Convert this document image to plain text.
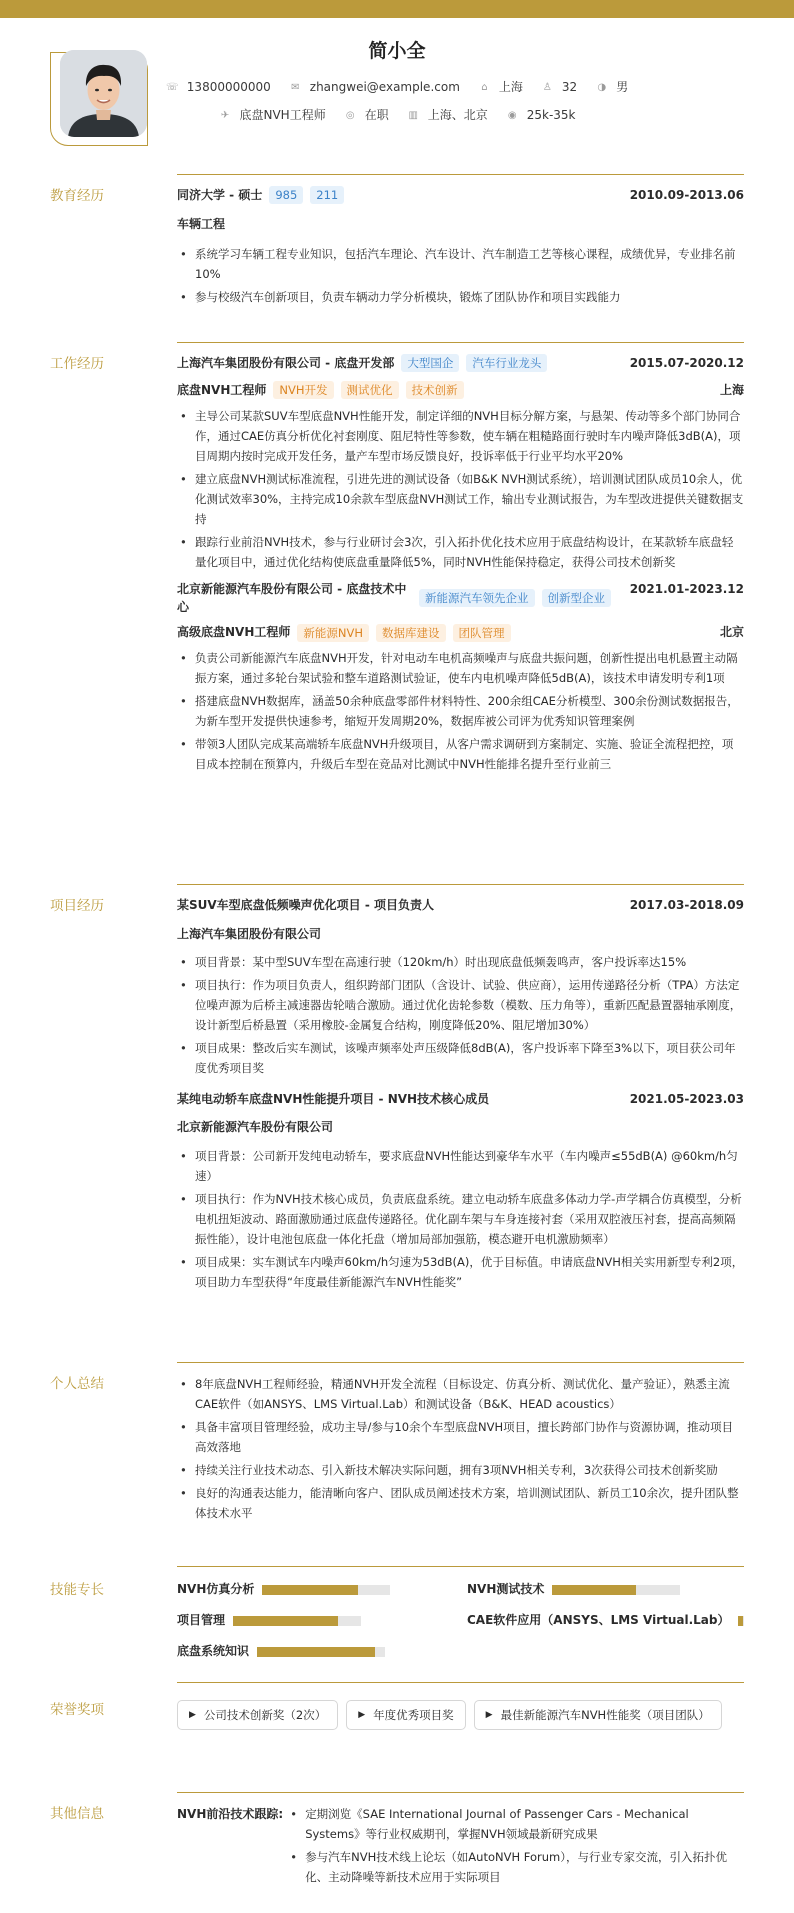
简小全
☏ 13800000000 ✉ zhangwei@example.com	⌂ 上海 ♙ 32 ◑ 男
✈ 底盘NVH工程师 ◎ 在职 ▥ 上海、北京 ◉ 25k-35k
教育经历	同济大学 - 硕士	985	211	2010.09-2013.06
车辆工程
• 系统学习车辆工程专业知识，包括汽车理论、汽车设计、汽车制造工艺等核心课程，成绩优异，专业排名前10%
• 参与校级汽车创新项目，负责车辆动力学分析模块，锻炼了团队协作和项目实践能力
工作经历	上海汽车集团股份有限公司 - 底盘开发部	大型国企	汽车行业龙头	2015.07-2020.12
底盘NVH工程师	NVH开发	测试优化	技术创新	上海
• 主导公司某款SUV车型底盘NVH性能开发，制定详细的NVH目标分解方案，与悬架、传动等多个部门协同合作，通过CAE仿真分析优化衬套刚度、阻尼特性等参数，使车辆在粗糙路面行驶时车内噪声降低3dB(A)，项目周期内按时完成开发任务，量产车型市场反馈良好，投诉率低于行业平均水平20%
• 建立底盘NVH测试标准流程，引进先进的测试设备（如B&K NVH测试系统），培训测试团队成员10余人，优化测试效率30%，主持完成10余款车型底盘NVH测试工作，输出专业测试报告，为车型改进提供关键数据支持
• 跟踪行业前沿NVH技术，参与行业研讨会3次，引入拓扑优化技术应用于底盘结构设计，在某款轿车底盘轻量化项目中，通过优化结构使底盘重量降低5%，同时NVH性能保持稳定，获得公司技术创新奖
北京新能源汽车股份有限公司 - 底盘技术中心
新能源汽车领先企业	创新型企业
2021.01-2023.12
高级底盘NVH工程师	新能源NVH	数据库建设	团队管理	北京
• 负责公司新能源汽车底盘NVH开发，针对电动车电机高频噪声与底盘共振问题，创新性提出电机悬置主动隔振方案，通过多轮台架试验和整车道路测试验证，使车内电机噪声降低5dB(A)，该技术申请发明专利1项
• 搭建底盘NVH数据库，涵盖50余种底盘零部件材料特性、200余组CAE分析模型、300余份测试数据报告，为新车型开发提供快速参考，缩短开发周期20%，数据库被公司评为优秀知识管理案例
• 带领3人团队完成某高端轿车底盘NVH升级项目，从客户需求调研到方案制定、实施、验证全流程把控，项目成本控制在预算内，升级后车型在竞品对比测试中NVH性能排名提升至行业前三
项目经历	某SUV车型底盘低频噪声优化项目 - 项目负责人	2017.03-2018.09
上海汽车集团股份有限公司
• 项目背景：某中型SUV车型在高速行驶（120km/h）时出现底盘低频轰鸣声，客户投诉率达15%
• 项目执行：作为项目负责人，组织跨部门团队（含设计、试验、供应商），运用传递路径分析（TPA）方法定位噪声源为后桥主减速器齿轮啮合激励。通过优化齿轮参数（模数、压力角等），重新匹配悬置器轴承刚度，设计新型后桥悬置（采用橡胶-金属复合结构，刚度降低20%、阻尼增加30%）
• 项目成果：整改后实车测试，该噪声频率处声压级降低8dB(A)，客户投诉率下降至3%以下，项目获公司年度优秀项目奖
某纯电动轿车底盘NVH性能提升项目 - NVH技术核心成员	2021.05-2023.03
北京新能源汽车股份有限公司
• 项目背景：公司新开发纯电动轿车，要求底盘NVH性能达到豪华车水平（车内噪声≤55dB(A) @60km/h匀速）
• 项目执行：作为NVH技术核心成员，负责底盘系统。建立电动轿车底盘多体动力学-声学耦合仿真模型，分析电机扭矩波动、路面激励通过底盘传递路径。优化副车架与车身连接衬套（采用双腔液压衬套，提高高频隔振性能），设计电池包底盘一体化托盘（增加局部加强筋，模态避开电机激励频率）
• 项目成果：实车测试车内噪声60km/h匀速为53dB(A)，优于目标值。申请底盘NVH相关实用新型专利2项，项目助力车型获得“年度最佳新能源汽车NVH性能奖”
个人总结	• 8年底盘NVH工程师经验，精通NVH开发全流程（目标设定、仿真分析、测试优化、量产验证），熟悉主流CAE软件（如ANSYS、LMS Virtual.Lab）和测试设备（B&K、HEAD acoustics）
• 具备丰富项目管理经验，成功主导/参与10余个车型底盘NVH项目，擅长跨部门协作与资源协调，推动项目高效落地
• 持续关注行业技术动态、引入新技术解决实际问题，拥有3项NVH相关专利，3次获得公司技术创新奖励
• 良好的沟通表达能力，能清晰向客户、团队成员阐述技术方案，培训测试团队、新员工10余次，提升团队整体技术水平
技能专长	NVH仿真分析	NVH测试技术
项目管理	CAE软件应用（ANSYS、LMS Virtual.Lab）
底盘系统知识
荣誉奖项	▶ 公司技术创新奖（2次）	▶ 年度优秀项目奖	▶ 最佳新能源汽车NVH性能奖（项目团队）
其他信息	NVH前沿技术跟踪:	• 定期浏览《SAE International Journal of Passenger Cars - Mechanical Systems》等行业权威期刊，掌握NVH领域最新研究成果
• 参与汽车NVH技术线上论坛（如AutoNVH Forum），与行业专家交流，引入拓扑优化、主动降噪等新技术应用于实际项目
